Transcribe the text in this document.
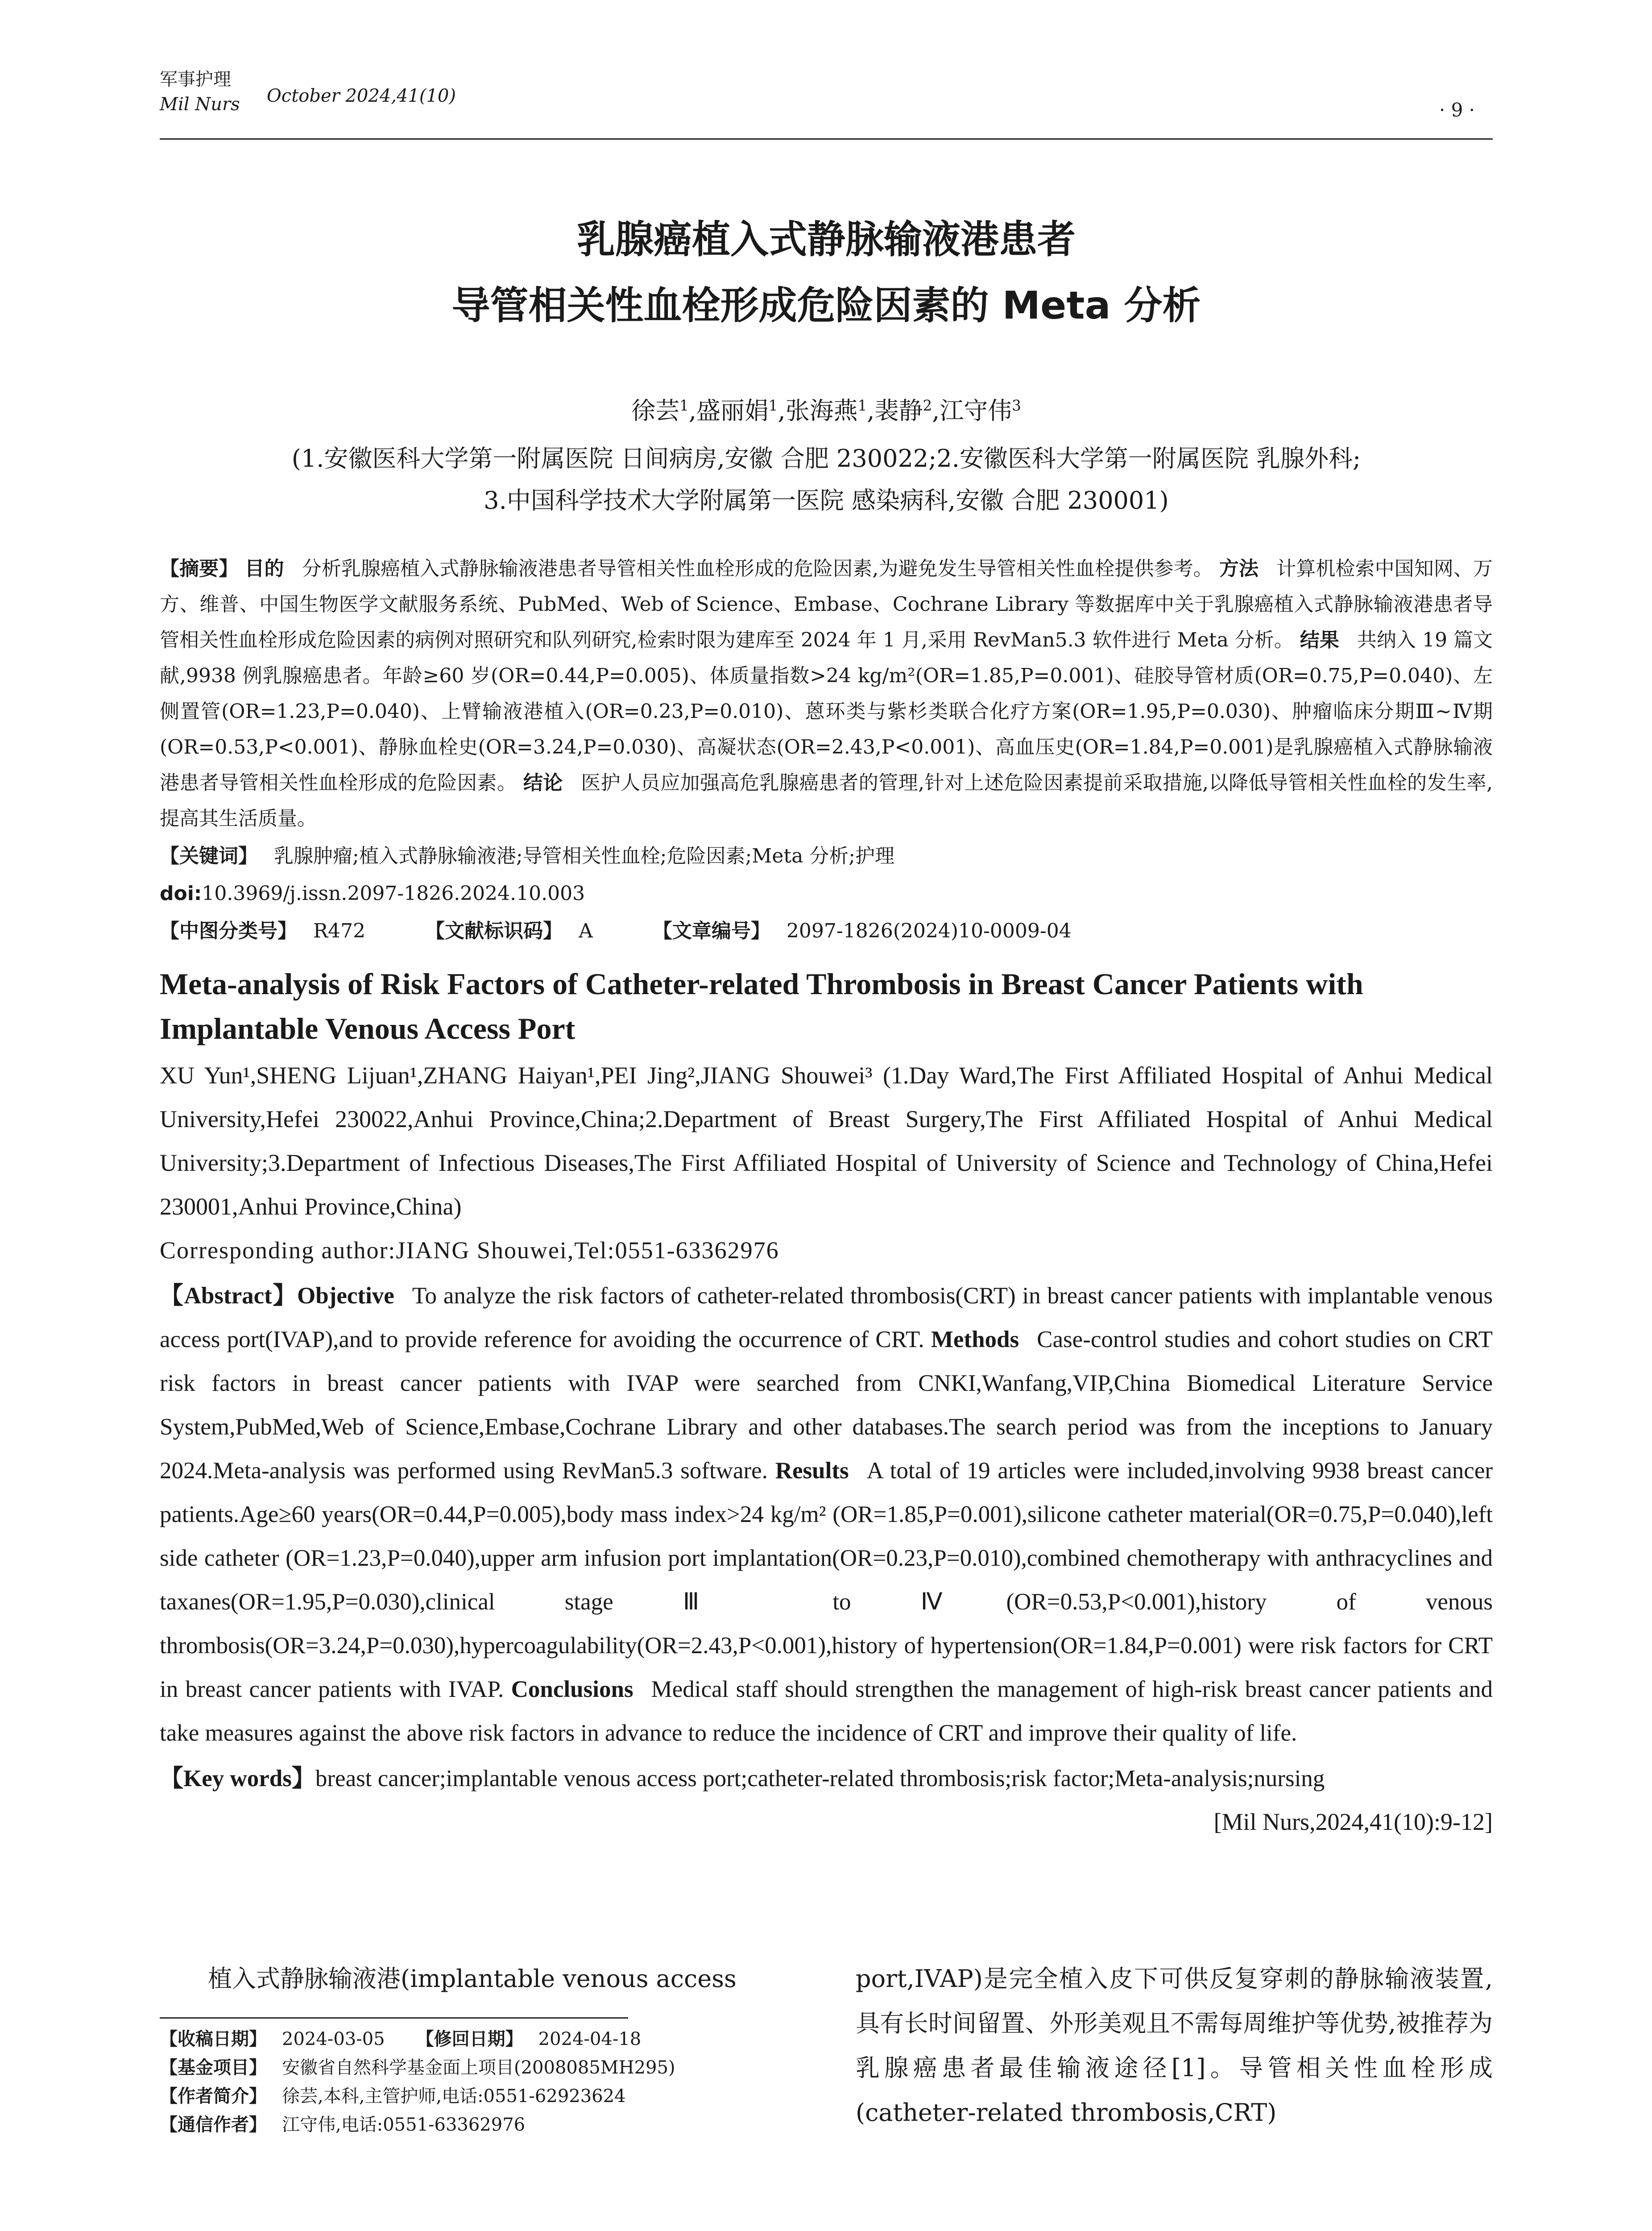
军事护理
Mil Nurs October 2024,41(10)
· 9 ·
乳腺癌植入式静脉输液港患者
导管相关性血栓形成危险因素的 Meta 分析
徐芸$^1$,盛丽娟$^1$,张海燕$^1$,裴静$^2$,江守伟$^3$
(1.安徽医科大学第一附属医院 日间病房,安徽 合肥 230022;2.安徽医科大学第一附属医院 乳腺外科;
3.中国科学技术大学附属第一医院 感染病科,安徽 合肥 230001)
【摘要】 目的 分析乳腺癌植入式静脉输液港患者导管相关性血栓形成的危险因素,为避免发生导管相关性血栓提供参考。 方法 计算机检索中国知网、万方、维普、中国生物医学文献服务系统、PubMed、Web of Science、Embase、Cochrane Library 等数据库中关于乳腺癌植入式静脉输液港患者导管相关性血栓形成危险因素的病例对照研究和队列研究,检索时限为建库至 2024 年 1 月,采用 RevMan5.3 软件进行 Meta 分析。 结果 共纳入 19 篇文献,9938 例乳腺癌患者。年龄≥60 岁(OR=0.44,P=0.005)、体质量指数>24 kg/m²(OR=1.85,P=0.001)、硅胶导管材质(OR=0.75,P=0.040)、左侧置管(OR=1.23,P=0.040)、上臂输液港植入(OR=0.23,P=0.010)、蒽环类与紫杉类联合化疗方案(OR=1.95,P=0.030)、肿瘤临床分期Ⅲ~Ⅳ期(OR=0.53,P<0.001)、静脉血栓史(OR=3.24,P=0.030)、高凝状态(OR=2.43,P<0.001)、高血压史(OR=1.84,P=0.001)是乳腺癌植入式静脉输液港患者导管相关性血栓形成的危险因素。 结论 医护人员应加强高危乳腺癌患者的管理,针对上述危险因素提前采取措施,以降低导管相关性血栓的发生率,提高其生活质量。
【关键词】 乳腺肿瘤;植入式静脉输液港;导管相关性血栓;危险因素;Meta 分析;护理
doi:10.3969/j.issn.2097-1826.2024.10.003
【中图分类号】 R472	【文献标识码】 A	【文章编号】 2097-1826(2024)10-0009-04
Meta-analysis of Risk Factors of Catheter-related Thrombosis in Breast Cancer Patients with Implantable Venous Access Port
XU Yun¹,SHENG Lijuan¹,ZHANG Haiyan¹,PEI Jing²,JIANG Shouwei³ (1.Day Ward,The First Affiliated Hospital of Anhui Medical University,Hefei 230022,Anhui Province,China;2.Department of Breast Surgery,The First Affiliated Hospital of Anhui Medical University;3.Department of Infectious Diseases,The First Affiliated Hospital of University of Science and Technology of China,Hefei 230001,Anhui Province,China)
Corresponding author:JIANG Shouwei,Tel:0551-63362976
【Abstract】Objective To analyze the risk factors of catheter-related thrombosis(CRT) in breast cancer patients with implantable venous access port(IVAP),and to provide reference for avoiding the occurrence of CRT. Methods Case-control studies and cohort studies on CRT risk factors in breast cancer patients with IVAP were searched from CNKI,Wanfang,VIP,China Biomedical Literature Service System,PubMed,Web of Science,Embase,Cochrane Library and other databases.The search period was from the inceptions to January 2024.Meta-analysis was performed using RevMan5.3 software. Results A total of 19 articles were included,involving 9938 breast cancer patients.Age≥60 years(OR=0.44,P=0.005),body mass index>24 kg/m² (OR=1.85,P=0.001),silicone catheter material(OR=0.75,P=0.040),left side catheter (OR=1.23,P=0.040),upper arm infusion port implantation(OR=0.23,P=0.010),combined chemotherapy with anthracyclines and taxanes(OR=1.95,P=0.030),clinical stage Ⅲ to Ⅳ(OR=0.53,P<0.001),history of venous thrombosis(OR=3.24,P=0.030),hypercoagulability(OR=2.43,P<0.001),history of hypertension(OR=1.84,P=0.001) were risk factors for CRT in breast cancer patients with IVAP. Conclusions Medical staff should strengthen the management of high-risk breast cancer patients and take measures against the above risk factors in advance to reduce the incidence of CRT and improve their quality of life.
【Key words】breast cancer;implantable venous access port;catheter-related thrombosis;risk factor;Meta-analysis;nursing
[Mil Nurs,2024,41(10):9-12]
植入式静脉输液港(implantable venous access
【收稿日期】 2024-03-05 【修回日期】 2024-04-18
【基金项目】 安徽省自然科学基金面上项目(2008085MH295)
【作者简介】 徐芸,本科,主管护师,电话:0551-62923624
【通信作者】 江守伟,电话:0551-63362976
port,IVAP)是完全植入皮下可供反复穿刺的静脉输液装置,具有长时间留置、外形美观且不需每周维护等优势,被推荐为乳腺癌患者最佳输液途径[1]。导管相关性血栓形成(catheter-related thrombosis,CRT)
